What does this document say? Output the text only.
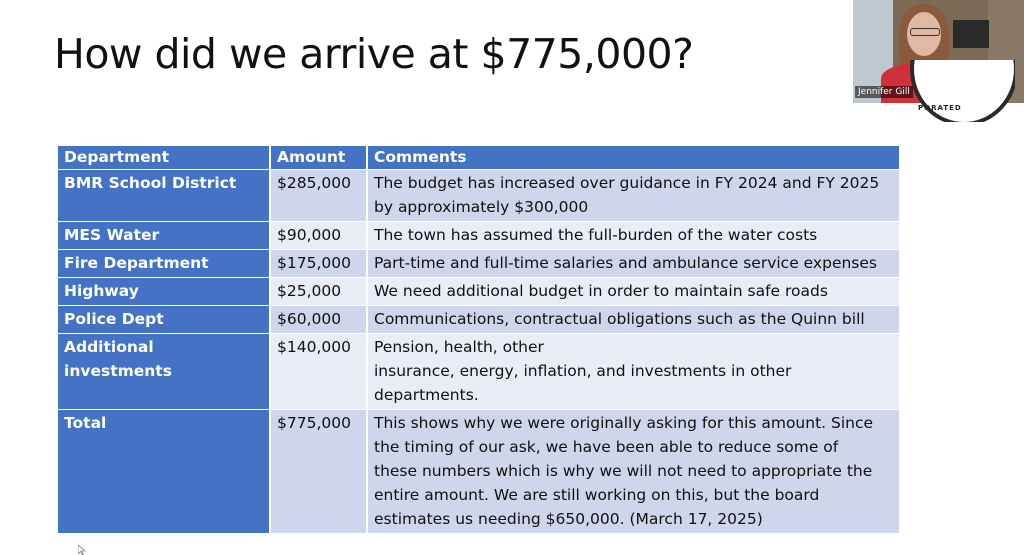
How did we arrive at $775,000?
Department	Amount	Comments
BMR School District	$285,000	The budget has increased over guidance in FY 2024 and FY 2025
by approximately $300,000

MES Water	$90,000	The town has assumed the full-burden of the water costs

Fire Department	$175,000	Part-time and full-time salaries and ambulance service expenses

Highway	$25,000	We need additional budget in order to maintain safe roads

Police Dept	$60,000	Communications, contractual obligations such as the Quinn bill

Additional investments	$140,000	Pension, health, other
insurance, energy, inflation, and investments in other
departments.

Total	$775,000	This shows why we were originally asking for this amount. Since
the timing of our ask, we have been able to reduce some of
these numbers which is why we will not need to appropriate the
entire amount. We are still working on this, but the board
estimates us needing $650,000. (March 17, 2025)
Jennifer Gill
PORATED
